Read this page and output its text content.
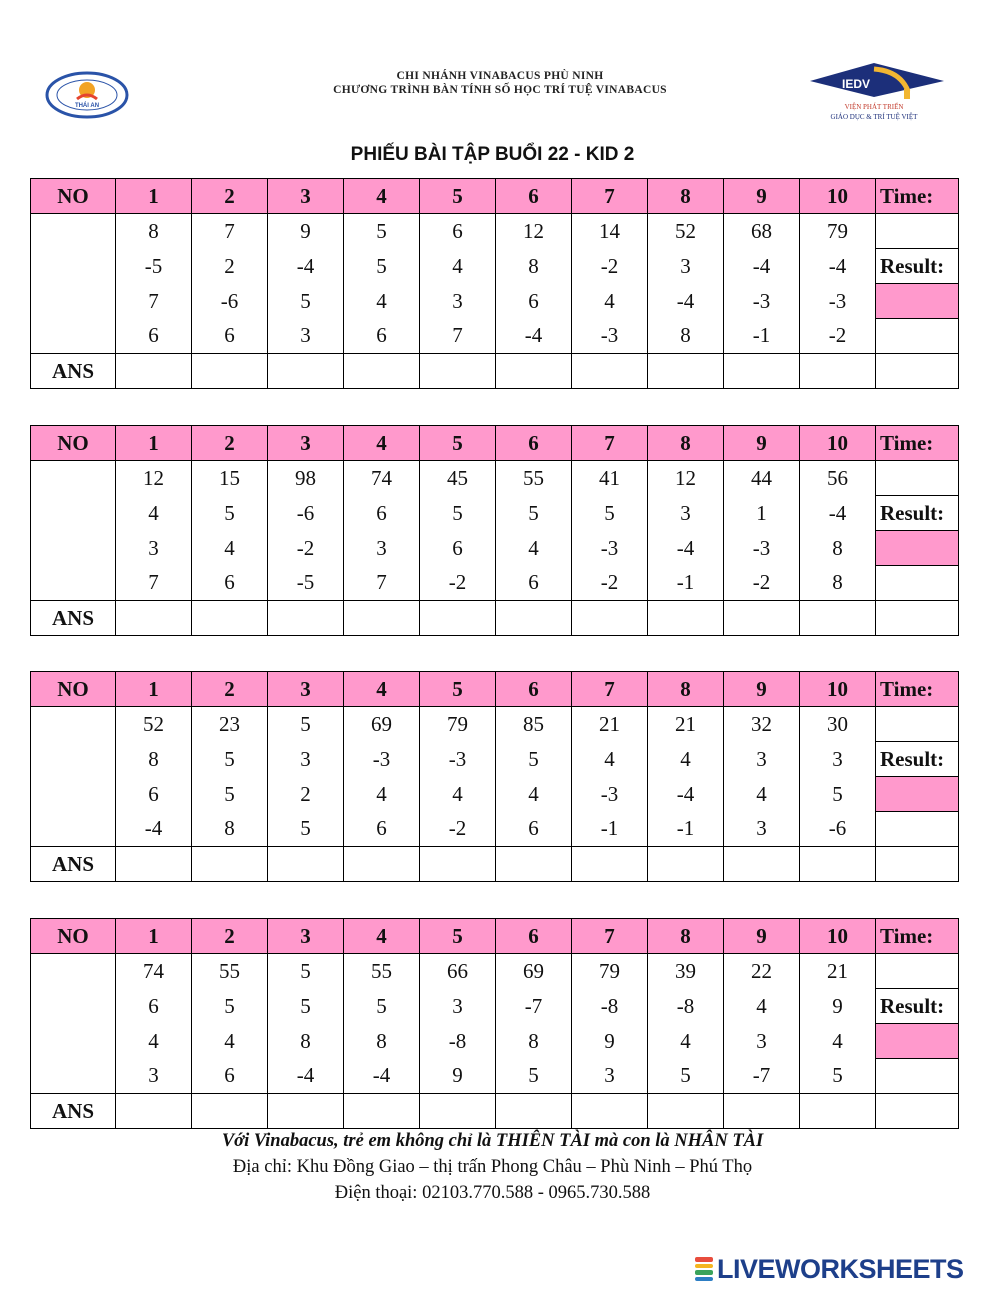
THÁI AN
CHI NHÁNH VINABACUS PHÙ NINH
CHƯƠNG TRÌNH BÀN TÍNH SỐ HỌC TRÍ TUỆ VINABACUS	IEDV
VIỆN PHÁT TRIỂN
GIÁO DỤC & TRÍ TUỆ VIỆT
PHIẾU BÀI TẬP BUỔI 22 - KID 2
NO	1	2	3	4	5	6	7	8	9	10	Time:
	8	7	9	5	6	12	14	52	68	79	
	-5	2	-4	5	4	8	-2	3	-4	-4	Result:
	7	-6	5	4	3	6	4	-4	-3	-3	
	6	6	3	6	7	-4	-3	8	-1	-2	
ANS											
NO	1	2	3	4	5	6	7	8	9	10	Time:
	12	15	98	74	45	55	41	12	44	56	
	4	5	-6	6	5	5	5	3	1	-4	Result:
	3	4	-2	3	6	4	-3	-4	-3	8	
	7	6	-5	7	-2	6	-2	-1	-2	8	
ANS											
NO	1	2	3	4	5	6	7	8	9	10	Time:
	52	23	5	69	79	85	21	21	32	30	
	8	5	3	-3	-3	5	4	4	3	3	Result:
	6	5	2	4	4	4	-3	-4	4	5	
	-4	8	5	6	-2	6	-1	-1	3	-6	
ANS											
NO	1	2	3	4	5	6	7	8	9	10	Time:
	74	55	5	55	66	69	79	39	22	21	
	6	5	5	5	3	-7	-8	-8	4	9	Result:
	4	4	8	8	-8	8	9	4	3	4	
	3	6	-4	-4	9	5	3	5	-7	5	
ANS											
Với Vinabacus, trẻ em không chỉ là THIÊN TÀI mà con là NHÂN TÀI
Địa chỉ: Khu Đồng Giao – thị trấn Phong Châu – Phù Ninh – Phú Thọ
Điện thoại: 02103.770.588 - 0965.730.588
LIVEWORKSHEETS
